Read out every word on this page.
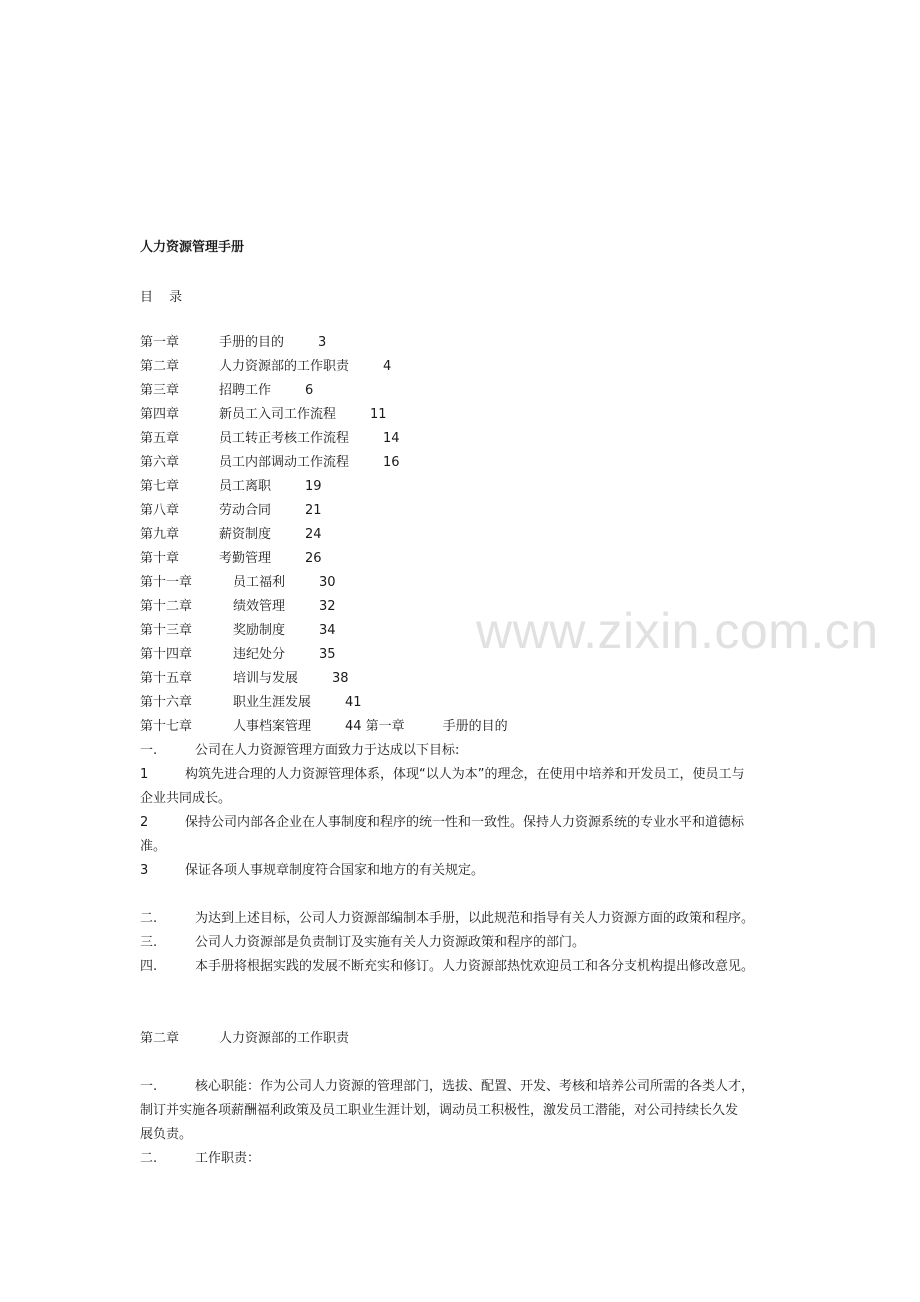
www.zixin.com.cn
人力资源管理手册
目 录
第一章	手册的目的	3
第二章	人力资源部的工作职责	4
第三章	招聘工作	6
第四章	新员工入司工作流程	11
第五章	员工转正考核工作流程	14
第六章	员工内部调动工作流程	16
第七章	员工离职	19
第八章	劳动合同	21
第九章	薪资制度	24
第十章	考勤管理	26
第十一章	员工福利	30
第十二章	绩效管理	32
第十三章	奖励制度	34
第十四章	违纪处分	35
第十五章	培训与发展	38
第十六章	职业生涯发展	41
第十七章	人事档案管理	44 第一章	手册的目的
一.	公司在人力资源管理方面致力于达成以下目标:
1	构筑先进合理的人力资源管理体系，体现“以人为本”的理念，在使用中培养和开发员工，使员工与
企业共同成长。
2	保持公司内部各企业在人事制度和程序的统一性和一致性。保持人力资源系统的专业水平和道德标
准。
3	保证各项人事规章制度符合国家和地方的有关规定。
二.	为达到上述目标，公司人力资源部编制本手册，以此规范和指导有关人力资源方面的政策和程序。
三.	公司人力资源部是负责制订及实施有关人力资源政策和程序的部门。
四.	本手册将根据实践的发展不断充实和修订。人力资源部热忱欢迎员工和各分支机构提出修改意见。
第二章	人力资源部的工作职责
一.	核心职能：作为公司人力资源的管理部门，选拔、配置、开发、考核和培养公司所需的各类人才，
制订并实施各项薪酬福利政策及员工职业生涯计划，调动员工积极性，激发员工潜能，对公司持续长久发
展负责。
二.	工作职责：
